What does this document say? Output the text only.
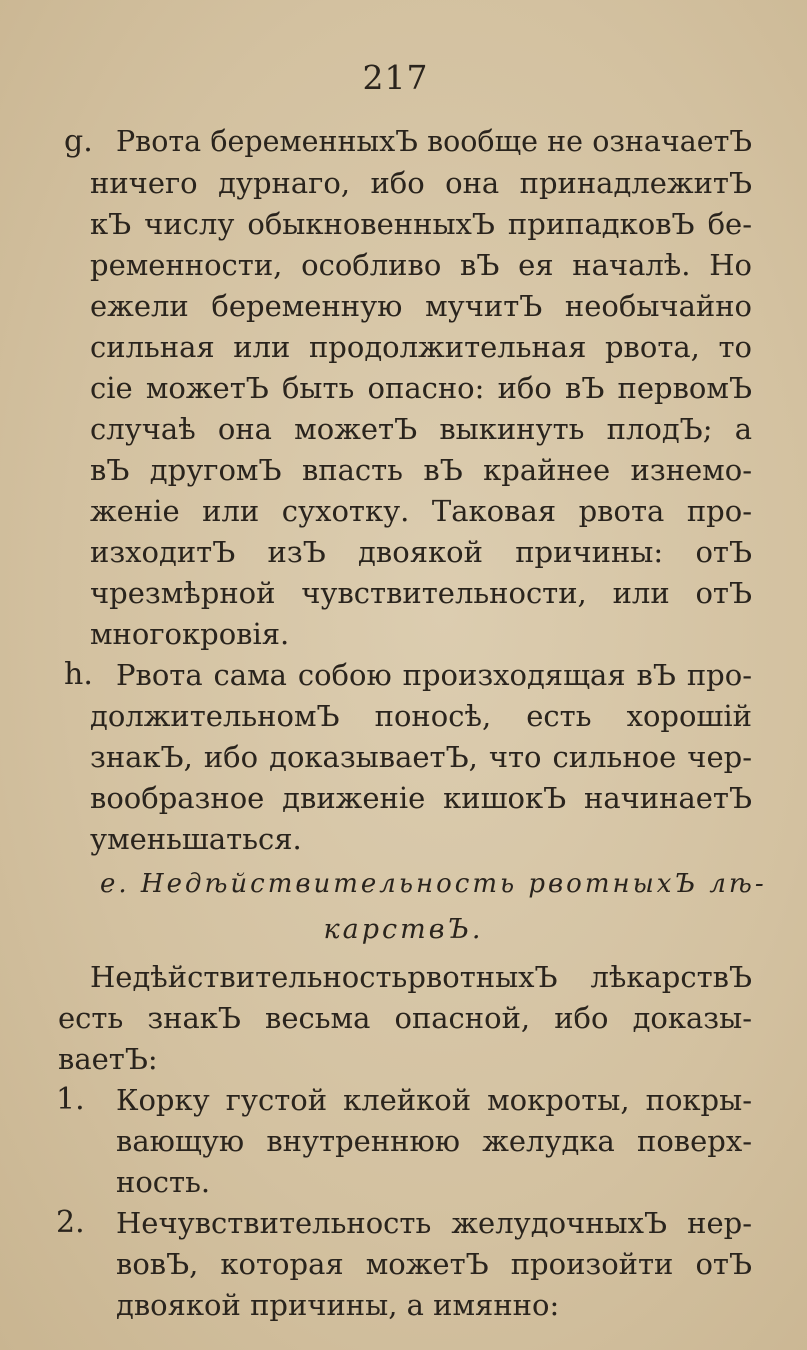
217
g. Рвота беременныхЪ вообще не означаетЪ
ничего дурнаго, ибо она принадлежитЪ
кЪ числу обыкновенныхЪ припадковЪ бе-
ременности, особливо вЪ ея началѣ. Но
ежели беременную мучитЪ необычайно
сильная или продолжительная рвота, то
сіе можетЪ быть опасно: ибо вЪ первомЪ
случаѣ она можетЪ выкинуть плодЪ; а
вЪ другомЪ впасть вЪ крайнее изнемо-
женіе или сухотку. Таковая рвота про-
изходитЪ изЪ двоякой причины: отЪ
чрезмѣрной чувствительности, или отЪ
многокровія.
h. Рвота сама собою произходящая вЪ про-
должительномЪ поносѣ, есть хорошій
знакЪ, ибо доказываетЪ, что сильное чер-
вообразное движеніе кишокЪ начинаетЪ
уменьшаться.
e. Недѣйствительность рвотныхЪ лѣ-
карствЪ.
НедѣйствительностьрвотныхЪ лѣкарствЪ
есть знакЪ весьма опасной, ибо доказы-
ваетЪ:
1. Корку густой клейкой мокроты, покры-
вающую внутреннюю желудка поверх-
ность.
2. Нечувствительность желудочныхЪ нер-
вовЪ, которая можетЪ произойти отЪ
двоякой причины, а имянно:
